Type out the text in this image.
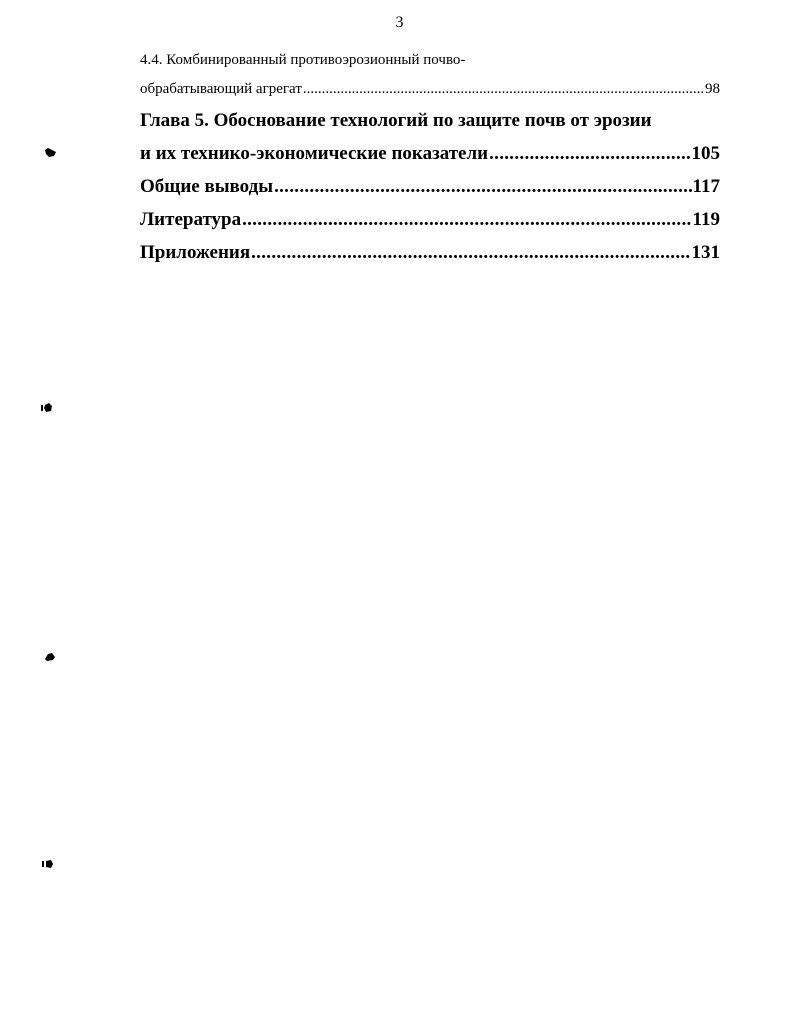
3
4.4. Комбинированный противоэрозионный почво-
обрабатывающий агрегат .....	98
Глава 5. Обоснование технологий по защите почв от эрозии
и их технико-экономические показатели .....	105
Общие выводы .....	117
Литература .....	119
Приложения .....	131
